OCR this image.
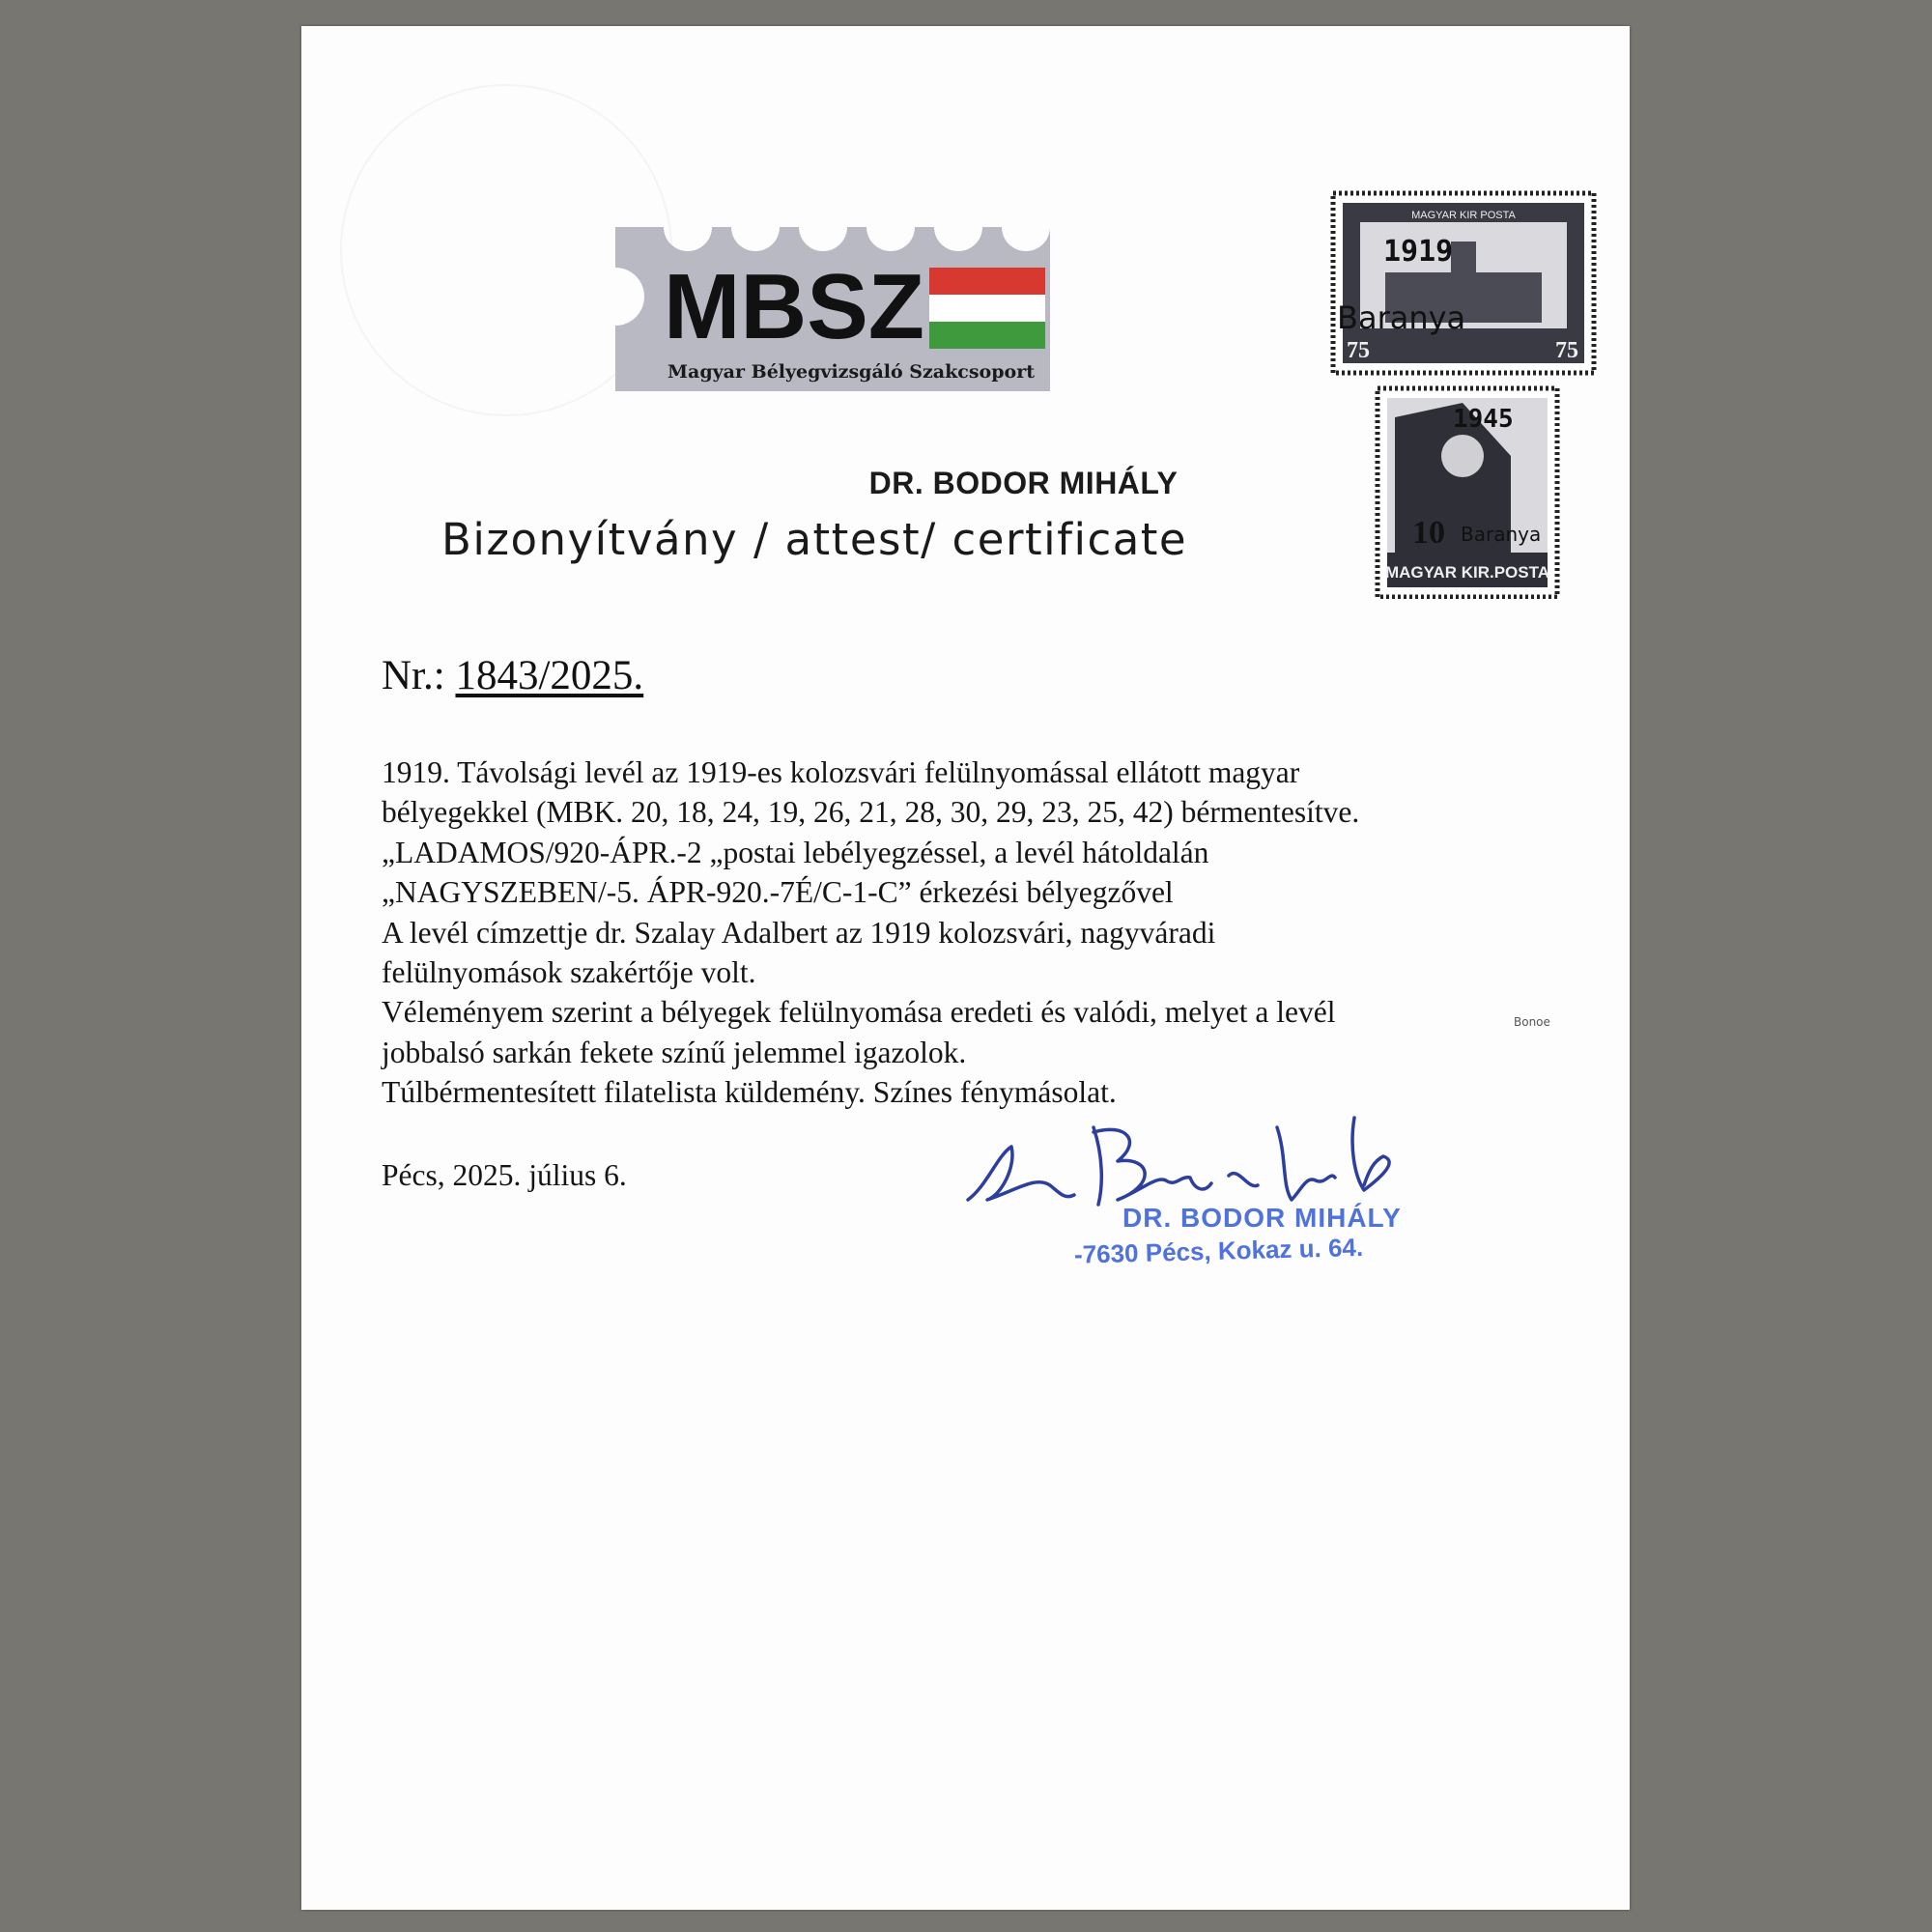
MBSZ
Magyar Bélyegvizsgáló Szakcsoport
MAGYAR KIR POSTA
1919
Baranya
75	75
1945
10 Baranya
MAGYAR KIR.POSTA
DR. BODOR MIHÁLY
Bizonyítvány / attest/ certificate
Nr.: 1843/2025.
1919. Távolsági levél az 1919-es kolozsvári felülnyomással ellátott magyar
bélyegekkel (MBK. 20, 18, 24, 19, 26, 21, 28, 30, 29, 23, 25, 42) bérmentesítve.
„LADAMOS/920-ÁPR.-2 „postai lebélyegzéssel, a levél hátoldalán
„NAGYSZEBEN/-5. ÁPR-920.-7É/C-1-C” érkezési bélyegzővel
A levél címzettje dr. Szalay Adalbert az 1919 kolozsvári, nagyváradi
felülnyomások szakértője volt.
Véleményem szerint a bélyegek felülnyomása eredeti és valódi, melyet a levél
jobbalsó sarkán fekete színű jelemmel igazolok.
Túlbérmentesített filatelista küldemény. Színes fénymásolat.
Bonoe
Pécs, 2025. július 6.
DR. BODOR MIHÁLY
-7630 Pécs, Kokaz u. 64.
